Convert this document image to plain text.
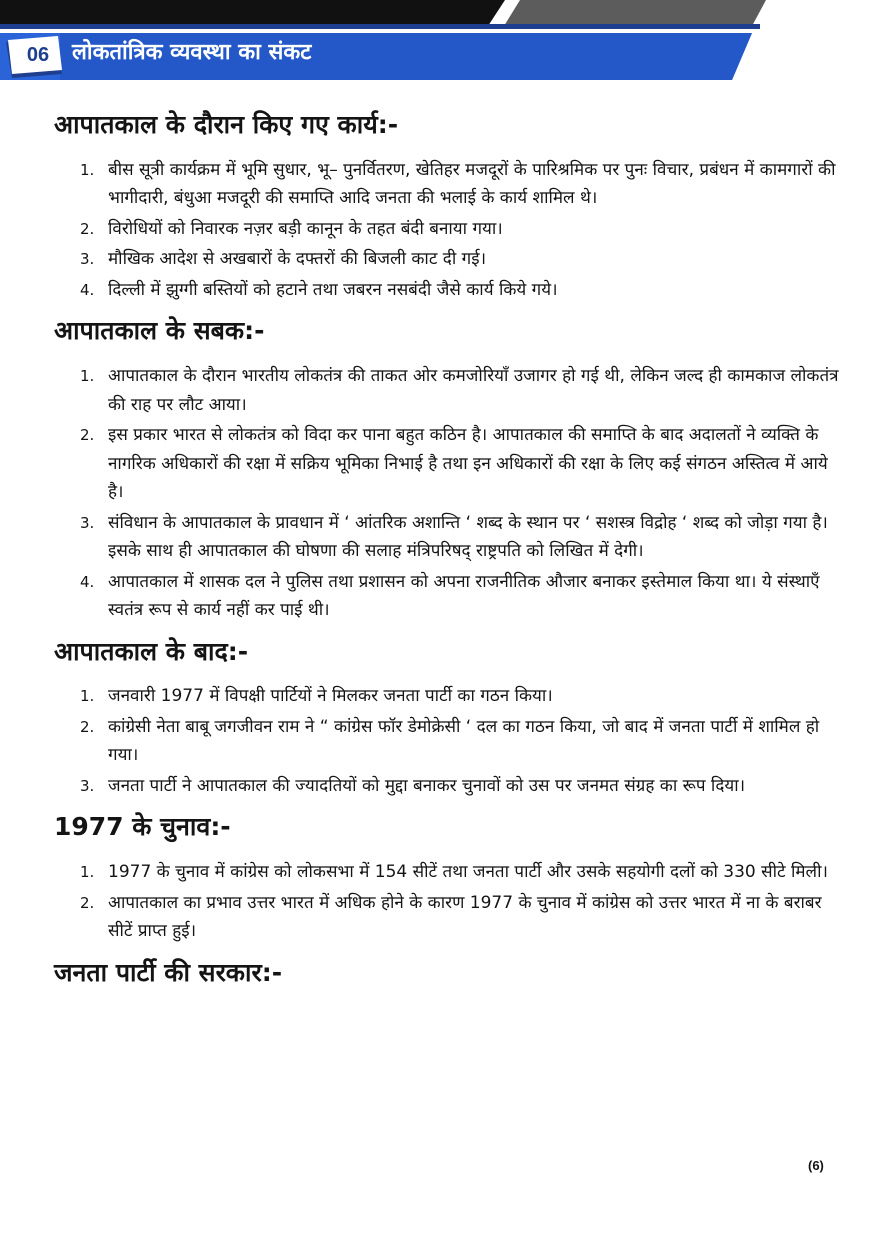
06	लोकतांत्रिक व्यवस्था का संकट
आपातकाल के दौरान किए गए कार्य:-
1. बीस सूत्री कार्यक्रम में भूमि सुधार, भू– पुनर्वितरण, खेतिहर मजदूरों के पारिश्रमिक पर पुनः विचार, प्रबंधन में कामगारों की भागीदारी, बंधुआ मजदूरी की समाप्ति आदि जनता की भलाई के कार्य शामिल थे।
2. विरोधियों को निवारक नज़र बड़ी कानून के तहत बंदी बनाया गया।
3. मौखिक आदेश से अखबारों के दफ्तरों की बिजली काट दी गई।
4. दिल्ली में झुग्गी बस्तियों को हटाने तथा जबरन नसबंदी जैसे कार्य किये गये।
आपातकाल के सबक:-
1. आपातकाल के दौरान भारतीय लोकतंत्र की ताकत ओर कमजोरियाँ उजागर हो गई थी, लेकिन जल्द ही कामकाज लोकतंत्र की राह पर लौट आया।
2. इस प्रकार भारत से लोकतंत्र को विदा कर पाना बहुत कठिन है। आपातकाल की समाप्ति के बाद अदालतों ने व्यक्ति के नागरिक अधिकारों की रक्षा में सक्रिय भूमिका निभाई है तथा इन अधिकारों की रक्षा के लिए कई संगठन अस्तित्व में आये है।
3. संविधान के आपातकाल के प्रावधान में ‘ आंतरिक अशान्ति ‘ शब्द के स्थान पर ‘ सशस्त्र विद्रोह ‘ शब्द को जोड़ा गया है। इसके साथ ही आपातकाल की घोषणा की सलाह मंत्रिपरिषद् राष्ट्रपति को लिखित में देगी।
4. आपातकाल में शासक दल ने पुलिस तथा प्रशासन को अपना राजनीतिक औजार बनाकर इस्तेमाल किया था। ये संस्थाएँ स्वतंत्र रूप से कार्य नहीं कर पाई थी।
आपातकाल के बाद:-
1. जनवारी 1977 में विपक्षी पार्टियों ने मिलकर जनता पार्टी का गठन किया।
2. कांग्रेसी नेता बाबू जगजीवन राम ने “ कांग्रेस फॉर डेमोक्रेसी ‘ दल का गठन किया, जो बाद में जनता पार्टी में शामिल हो गया।
3. जनता पार्टी ने आपातकाल की ज्यादतियों को मुद्दा बनाकर चुनावों को उस पर जनमत संग्रह का रूप दिया।
1977 के चुनाव:-
1. 1977 के चुनाव में कांग्रेस को लोकसभा में 154 सीटें तथा जनता पार्टी और उसके सहयोगी दलों को 330 सीटे मिली।
2. आपातकाल का प्रभाव उत्तर भारत में अधिक होने के कारण 1977 के चुनाव में कांग्रेस को उत्तर भारत में ना के बराबर सीटें प्राप्त हुई।
जनता पार्टी की सरकार:-
(6)
